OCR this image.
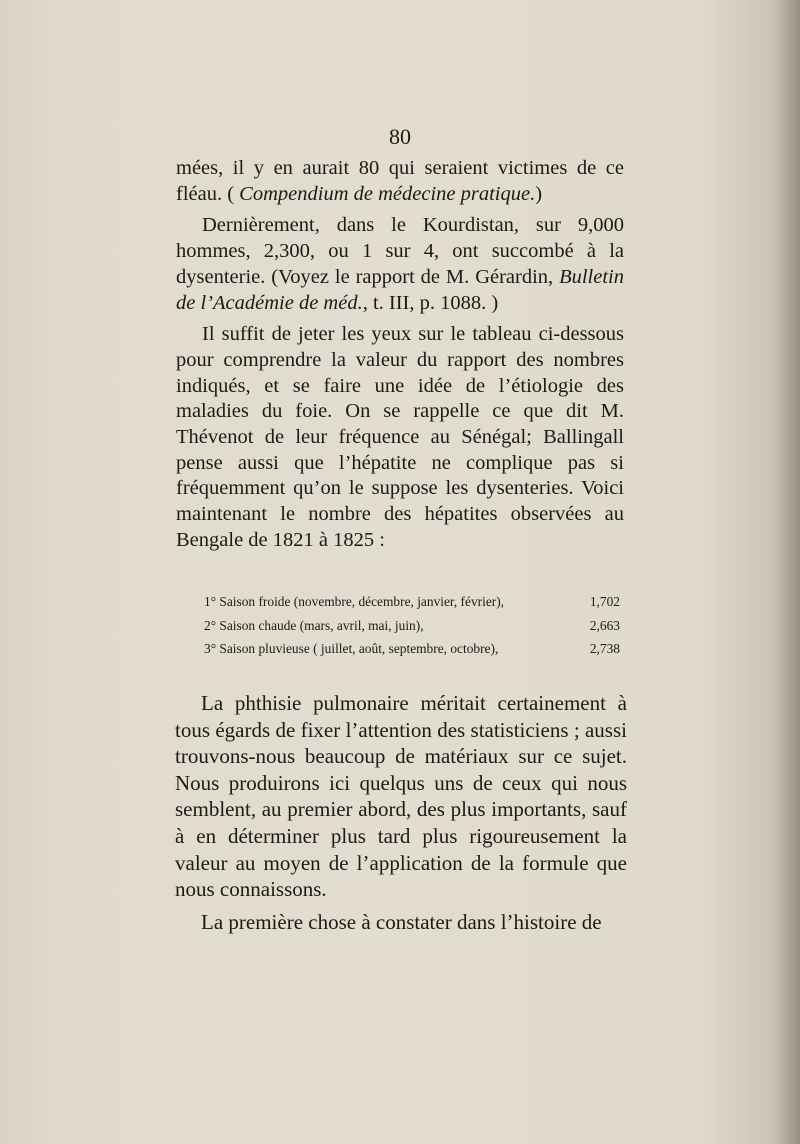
80

mées, il y en aurait 80 qui seraient victimes de ce fléau. ( Compendium de médecine pratique.)

Dernièrement, dans le Kourdistan, sur 9,000 hommes, 2,300, ou 1 sur 4, ont succombé à la dysenterie. (Voyez le rapport de M. Gérardin, Bulletin de l’Académie de méd., t. III, p. 1088. )

Il suffit de jeter les yeux sur le tableau ci-dessous pour comprendre la valeur du rapport des nombres indiqués, et se faire une idée de l’étiologie des maladies du foie. On se rappelle ce que dit M. Thévenot de leur fréquence au Sénégal; Ballingall pense aussi que l’hépatite ne complique pas si fréquemment qu’on le suppose les dysenteries. Voici maintenant le nombre des hépatites observées au Bengale de 1821 à 1825 :

1° Saison froide (novembre, décembre, janvier, février),	1,702
2° Saison chaude (mars, avril, mai, juin),	2,663
3° Saison pluvieuse ( juillet, août, septembre, octobre),	2,738

La phthisie pulmonaire méritait certainement à tous égards de fixer l’attention des statisticiens ; aussi trouvons-nous beaucoup de matériaux sur ce sujet. Nous produirons ici quelqus uns de ceux qui nous semblent, au premier abord, des plus importants, sauf à en déterminer plus tard plus rigoureusement la valeur au moyen de l’application de la formule que nous connaissons.

La première chose à constater dans l’histoire de
